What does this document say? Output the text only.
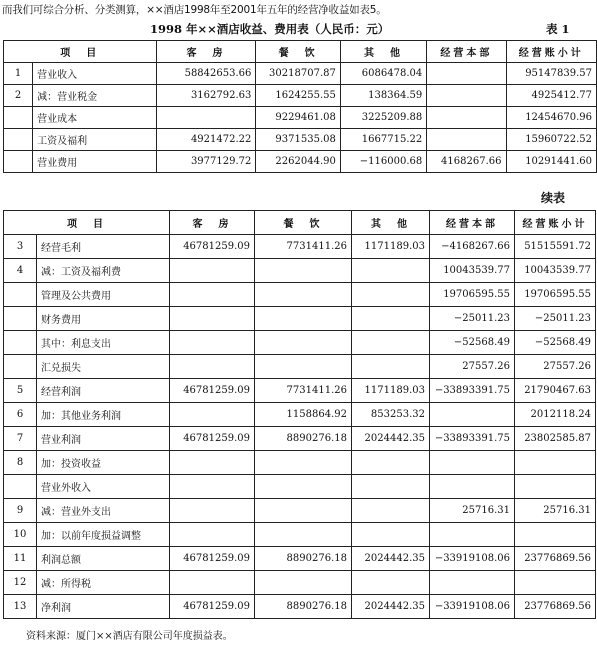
而我们可综合分析、分类测算，××酒店1998年至2001年五年的经营净收益如表5。
1998 年××酒店收益、费用表（人民币：元）	表 1
项　目		客　房	餐　饮	其　他	经营本部	经营账小计
1	营业收入	58842653.66	30218707.87	6086478.04		95147839.57
2	减：营业税金	3162792.63	1624255.55	138364.59		4925412.77
	营业成本		9229461.08	3225209.88		12454670.96
	工资及福利	4921472.22	9371535.08	1667715.22		15960722.52
	营业费用	3977129.72	2262044.90	−116000.68	4168267.66	10291441.60
续表
项　目		客　房	餐　饮	其　他	经营本部	经营账小计
3	经营毛利	46781259.09	7731411.26	1171189.03	−4168267.66	51515591.72
4	减：工资及福利费				10043539.77	10043539.77
	管理及公共费用				19706595.55	19706595.55
	财务费用				−25011.23	−25011.23
	其中：利息支出				−52568.49	−52568.49
	汇兑损失				27557.26	27557.26
5	经营利润	46781259.09	7731411.26	1171189.03	−33893391.75	21790467.63
6	加：其他业务利润		1158864.92	853253.32		2012118.24
7	营业利润	46781259.09	8890276.18	2024442.35	−33893391.75	23802585.87
8	加：投资收益					
	营业外收入					
9	减：营业外支出				25716.31	25716.31
10	加：以前年度损益调整					
11	利润总额	46781259.09	8890276.18	2024442.35	−33919108.06	23776869.56
12	减：所得税					
13	净利润	46781259.09	8890276.18	2024442.35	−33919108.06	23776869.56
资料来源：厦门××酒店有限公司年度损益表。
